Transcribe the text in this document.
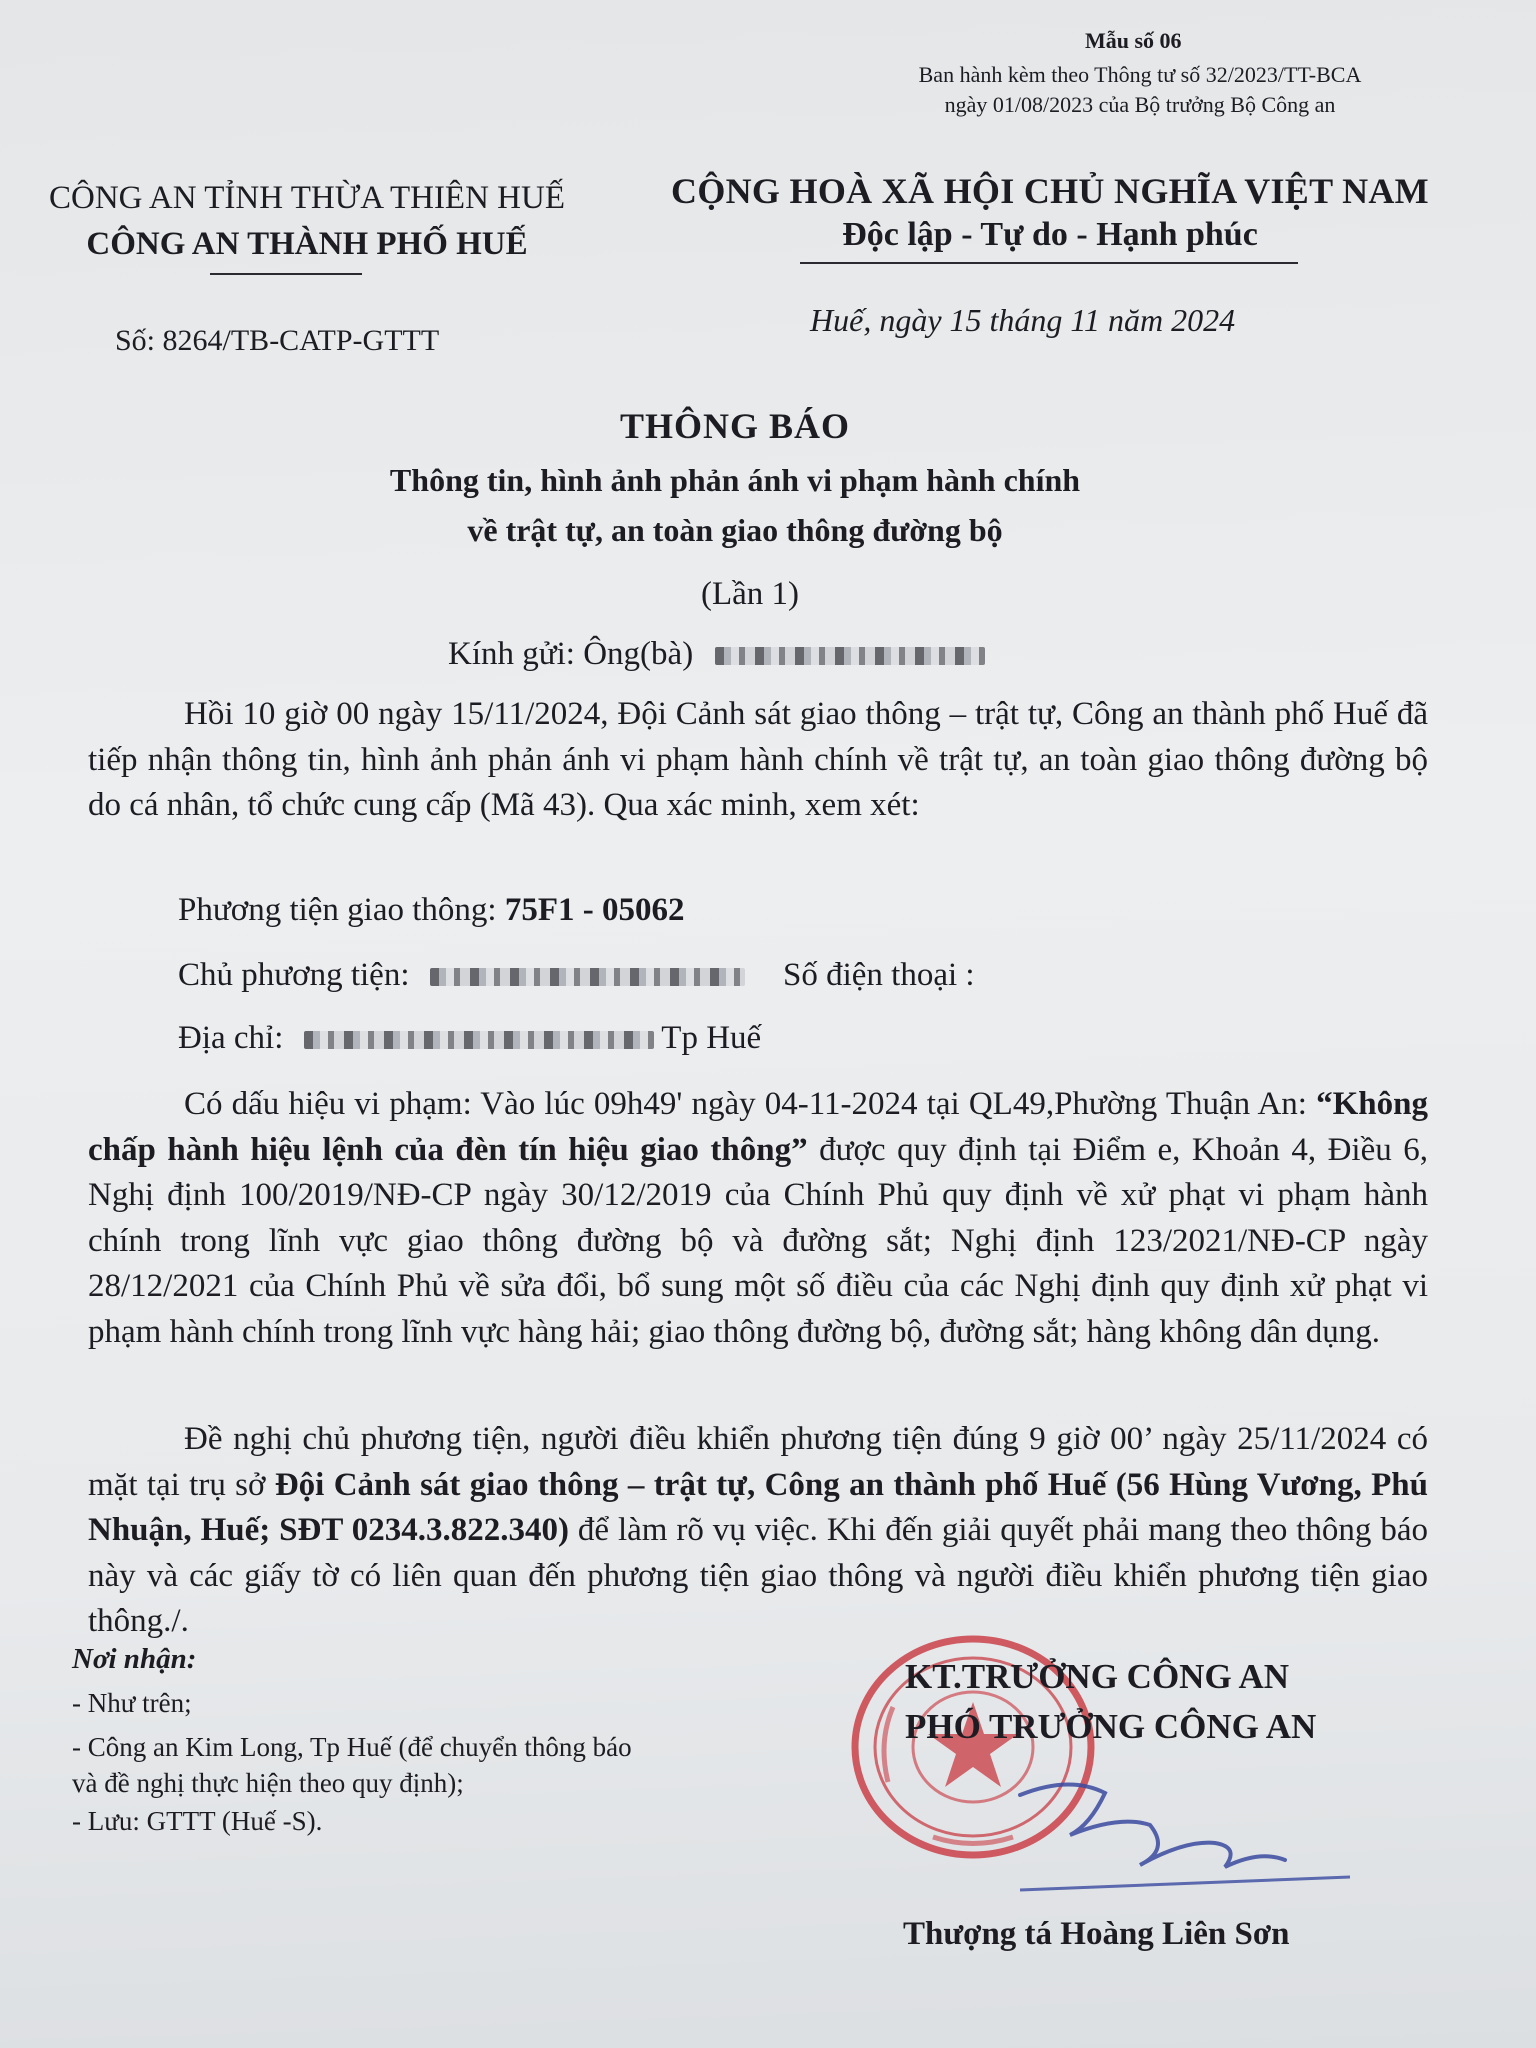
Mẫu số 06
Ban hành kèm theo Thông tư số 32/2023/TT-BCA
ngày 01/08/2023 của Bộ trưởng Bộ Công an
CÔNG AN TỈNH THỪA THIÊN HUẾ
CÔNG AN THÀNH PHỐ HUẾ
CỘNG HOÀ XÃ HỘI CHỦ NGHĨA VIỆT NAM
Độc lập - Tự do - Hạnh phúc
Số: 8264/TB-CATP-GTTT
Huế, ngày 15 tháng 11 năm 2024
THÔNG BÁO
Thông tin, hình ảnh phản ánh vi phạm hành chính
về trật tự, an toàn giao thông đường bộ
(Lần 1)
Kính gửi: Ông(bà)
Hồi 10 giờ 00 ngày 15/11/2024, Đội Cảnh sát giao thông – trật tự, Công an thành phố Huế đã tiếp nhận thông tin, hình ảnh phản ánh vi phạm hành chính về trật tự, an toàn giao thông đường bộ do cá nhân, tổ chức cung cấp (Mã 43). Qua xác minh, xem xét:
Phương tiện giao thông: 75F1 - 05062
Chủ phương tiện:	Số điện thoại :
Địa chỉ:	Tp Huế
Có dấu hiệu vi phạm: Vào lúc 09h49' ngày 04-11-2024 tại QL49,Phường Thuận An: “Không chấp hành hiệu lệnh của đèn tín hiệu giao thông” được quy định tại Điểm e, Khoản 4, Điều 6, Nghị định 100/2019/NĐ-CP ngày 30/12/2019 của Chính Phủ quy định về xử phạt vi phạm hành chính trong lĩnh vực giao thông đường bộ và đường sắt; Nghị định 123/2021/NĐ-CP ngày 28/12/2021 của Chính Phủ về sửa đổi, bổ sung một số điều của các Nghị định quy định xử phạt vi phạm hành chính trong lĩnh vực hàng hải; giao thông đường bộ, đường sắt; hàng không dân dụng.
Đề nghị chủ phương tiện, người điều khiển phương tiện đúng 9 giờ 00’ ngày 25/11/2024 có mặt tại trụ sở Đội Cảnh sát giao thông – trật tự, Công an thành phố Huế (56 Hùng Vương, Phú Nhuận, Huế; SĐT 0234.3.822.340) để làm rõ vụ việc. Khi đến giải quyết phải mang theo thông báo này và các giấy tờ có liên quan đến phương tiện giao thông và người điều khiển phương tiện giao thông./.
Nơi nhận:
- Như trên;
- Công an Kim Long, Tp Huế (để chuyển thông báo
và đề nghị thực hiện theo quy định);
- Lưu: GTTT (Huế -S).
KT.TRƯỞNG CÔNG AN
PHÓ TRƯỞNG CÔNG AN
Thượng tá Hoàng Liên Sơn
